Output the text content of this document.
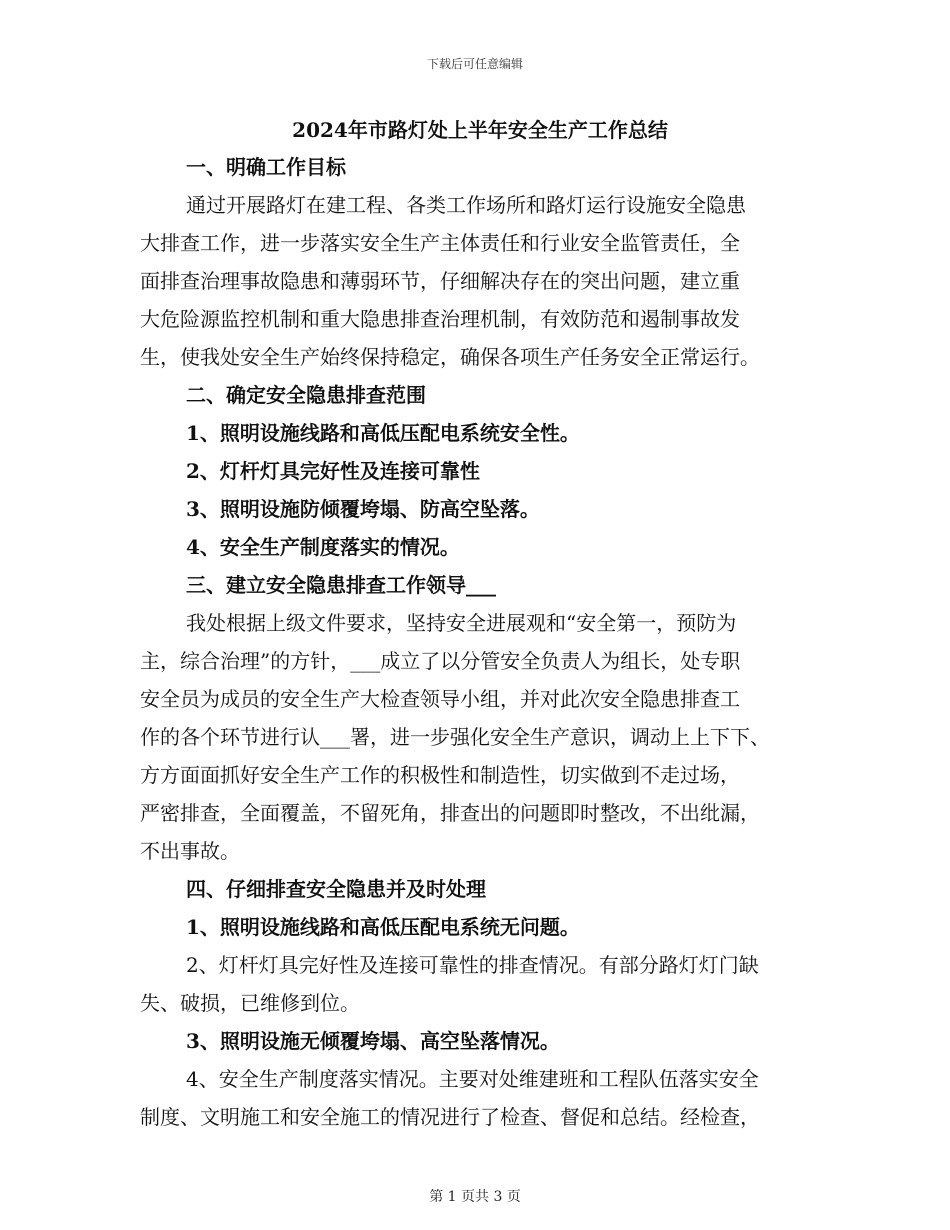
下载后可任意编辑
2024年市路灯处上半年安全生产工作总结
一、明确工作目标
通过开展路灯在建工程、各类工作场所和路灯运行设施安全隐患
大排查工作，进一步落实安全生产主体责任和行业安全监管责任，全
面排查治理事故隐患和薄弱环节，仔细解决存在的突出问题，建立重
大危险源监控机制和重大隐患排查治理机制，有效防范和遏制事故发
生，使我处安全生产始终保持稳定，确保各项生产任务安全正常运行。
二、确定安全隐患排查范围
1、照明设施线路和高低压配电系统安全性。
2、灯杆灯具完好性及连接可靠性
3、照明设施防倾覆垮塌、防高空坠落。
4、安全生产制度落实的情况。
三、建立安全隐患排查工作领导___
我处根据上级文件要求，坚持安全进展观和“安全第一，预防为
主，综合治理”的方针，___成立了以分管安全负责人为组长，处专职
安全员为成员的安全生产大检查领导小组，并对此次安全隐患排查工
作的各个环节进行认___署，进一步强化安全生产意识，调动上上下下、
方方面面抓好安全生产工作的积极性和制造性，切实做到不走过场，
严密排查，全面覆盖，不留死角，排查出的问题即时整改，不出纰漏，
不出事故。
四、仔细排查安全隐患并及时处理
1、照明设施线路和高低压配电系统无问题。
2、灯杆灯具完好性及连接可靠性的排查情况。有部分路灯灯门缺
失、破损，已维修到位。
3、照明设施无倾覆垮塌、高空坠落情况。
4、安全生产制度落实情况。主要对处维建班和工程队伍落实安全
制度、文明施工和安全施工的情况进行了检查、督促和总结。经检查，
第 1 页共 3 页
